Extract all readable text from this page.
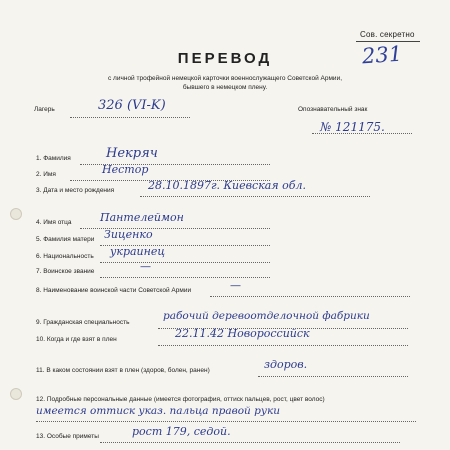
Сов. секретно
231
ПЕРЕВОД
с личной трофейной немецкой карточки военнослужащего Советской Армии,
бывшего в немецком плену.
Лагерь	326 (VI-K)	Опознавательный знак
№ 121175.
1. Фамилия	Некряч
2. Имя	Нестор
3. Дата и место рождения	28.10.1897г. Киевская обл.
4. Имя отца	Пантелеймон
5. Фамилия матери Зиценко
6. Национальность украинец
7. Воинское звание	—
8. Наименование воинской части Советской Армии	—
9. Гражданская специальность
рабочий деревоотделочной фабрики
10. Когда и где взят в плен	22.11.42 Новороссийск
11. В каком состоянии взят в плен (здоров, болен, ранен)	здоров.
12. Подробные персональные данные (имеется фотография, оттиск пальцев, рост, цвет волос)
имеется оттиск указ. пальца правой руки
13. Особые приметы	рост 179, седой.
